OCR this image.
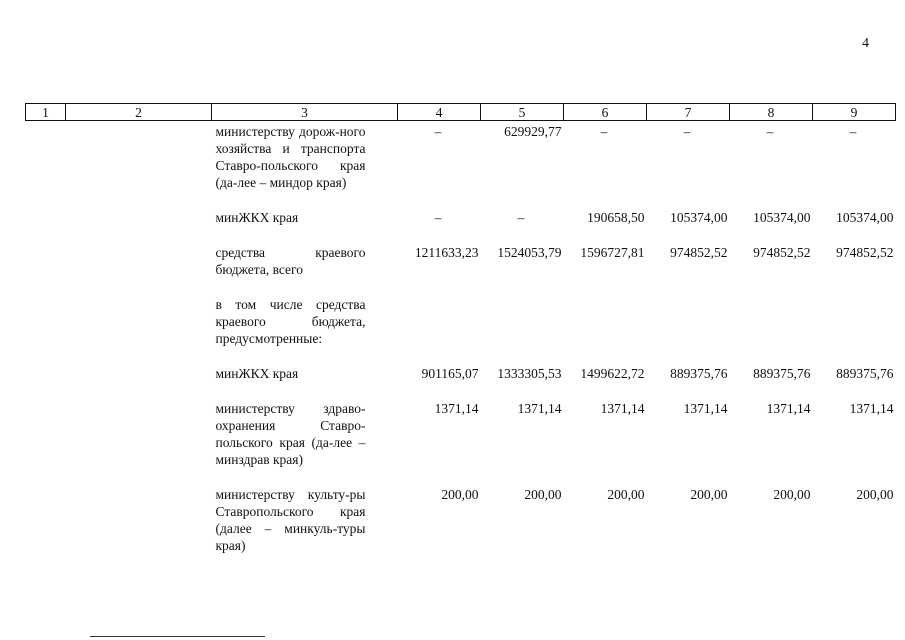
4
1	2	3	4	5	6	7	8	9

министерству дорож-ного хозяйства и транспорта Ставро-польского края (да-лее – миндор края)			–	629929,77	–	–	–	–

минЖКХ края			–	–	190658,50	105374,00	105374,00	105374,00

средства краевого бюджета, всего			1211633,23	1524053,79	1596727,81	974852,52	974852,52	974852,52

в том числе средства краевого бюджета, предусмотренные:								

минЖКХ края			901165,07	1333305,53	1499622,72	889375,76	889375,76	889375,76

министерству здраво-охранения Ставро-польского края (да-лее – минздрав края)			1371,14	1371,14	1371,14	1371,14	1371,14	1371,14

министерству культу-ры Ставропольского края (далее – минкуль-туры края)			200,00	200,00	200,00	200,00	200,00	200,00
